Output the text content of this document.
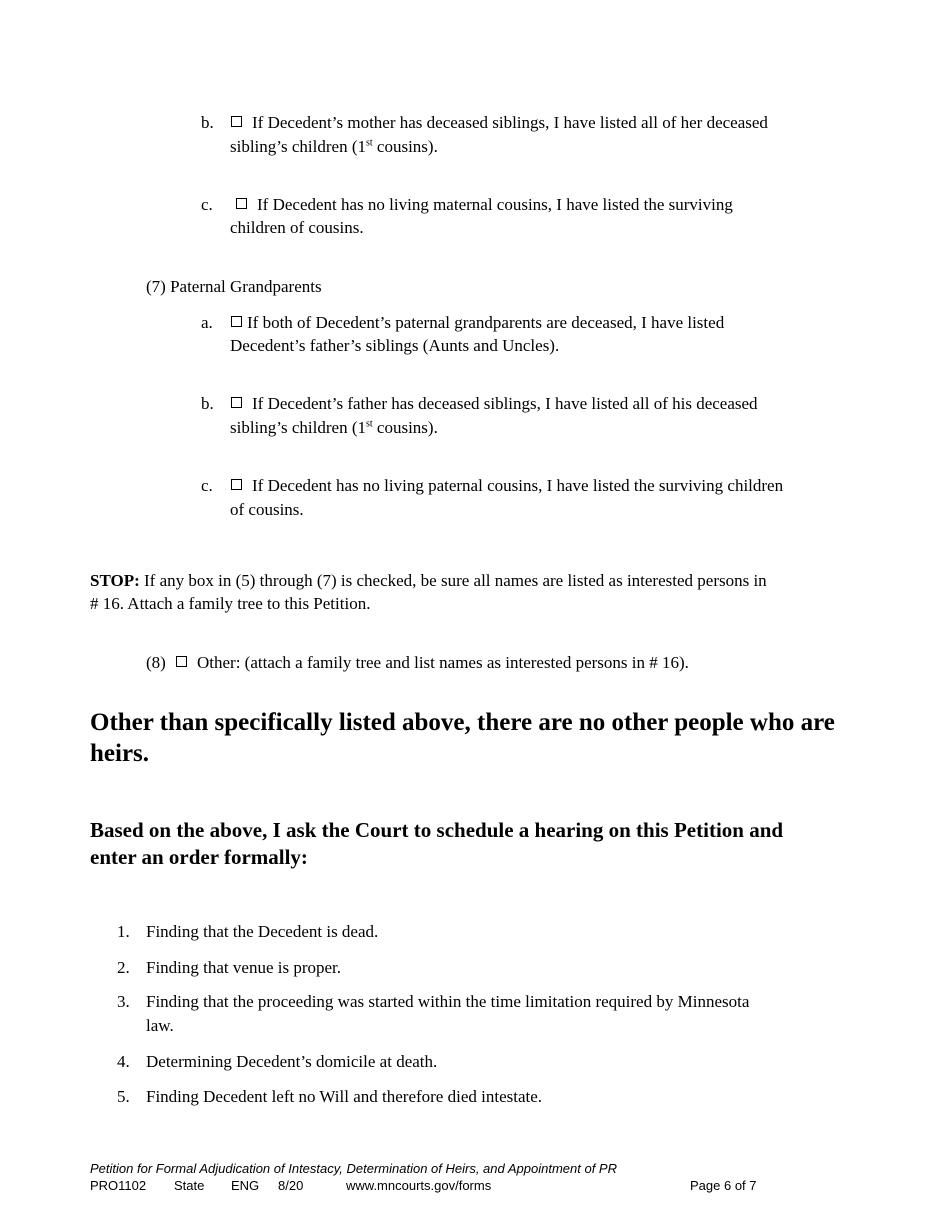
b.	If Decedent’s mother has deceased siblings, I have listed all of her deceased
sibling’s children (1st cousins).
c.	If Decedent has no living maternal cousins, I have listed the surviving
children of cousins.
(7) Paternal Grandparents
a.	If both of Decedent’s paternal grandparents are deceased, I have listed
Decedent’s father’s siblings (Aunts and Uncles).
b.	If Decedent’s father has deceased siblings, I have listed all of his deceased
sibling’s children (1st cousins).
c.	If Decedent has no living paternal cousins, I have listed the surviving children
of cousins.
STOP: If any box in (5) through (7) is checked, be sure all names are listed as interested persons in
# 16. Attach a family tree to this Petition.
(8)	Other: (attach a family tree and list names as interested persons in # 16).
Other than specifically listed above, there are no other people who are
heirs.
Based on the above, I ask the Court to schedule a hearing on this Petition and
enter an order formally:
1. Finding that the Decedent is dead.
2. Finding that venue is proper.
3. Finding that the proceeding was started within the time limitation required by Minnesota
law.
4. Determining Decedent’s domicile at death.
5. Finding Decedent left no Will and therefore died intestate.
Petition for Formal Adjudication of Intestacy, Determination of Heirs, and Appointment of PR
PRO1102 State ENG 8/20	www.mncourts.gov/forms	Page 6 of 7
